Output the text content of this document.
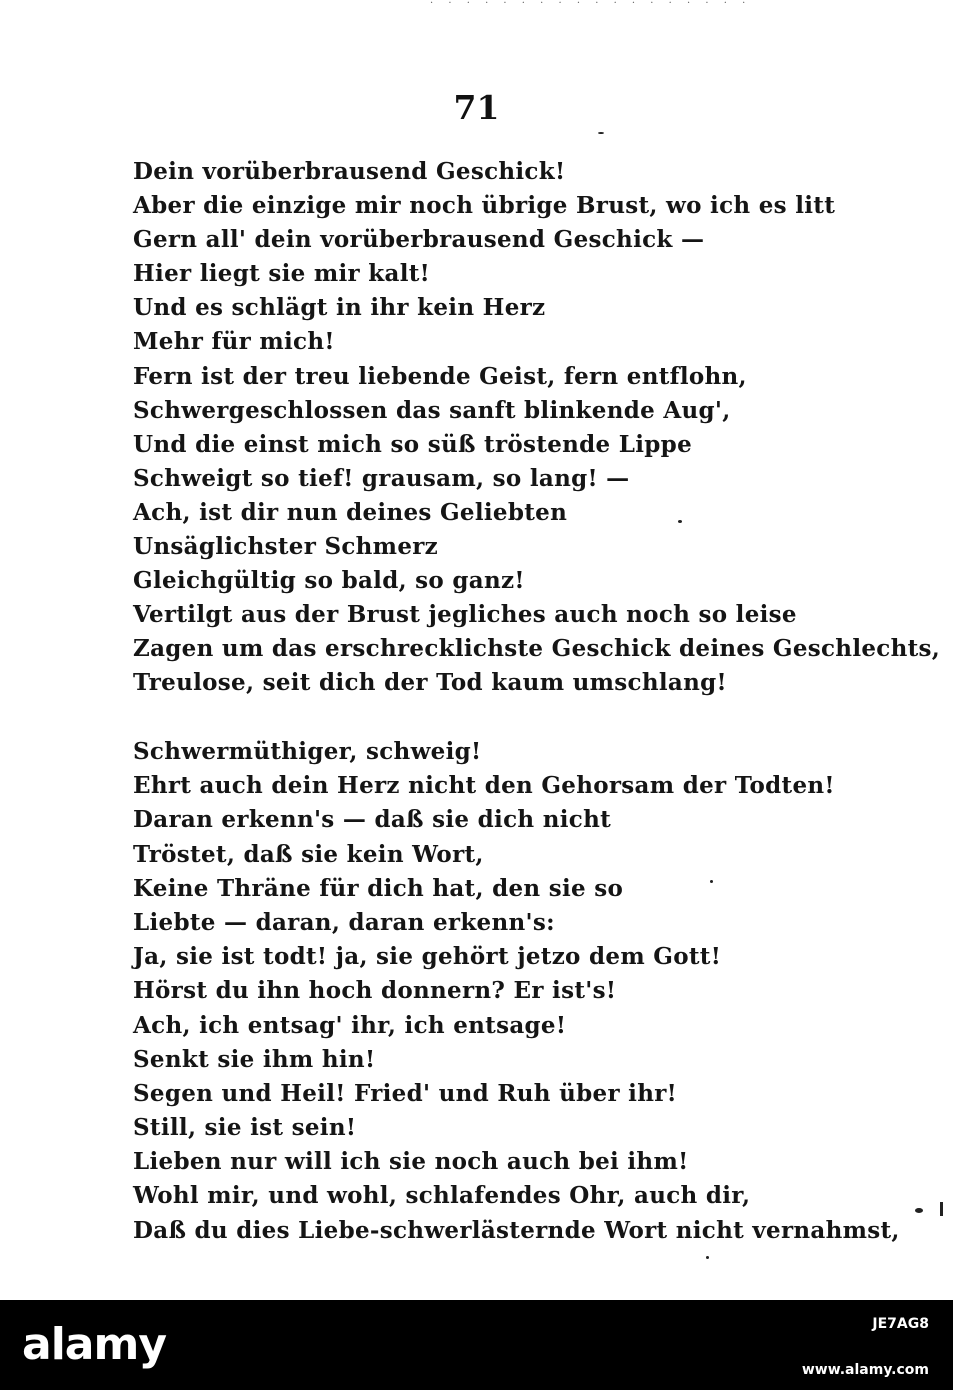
· · · · · · · · · · · · · · · · · ·
71
Dein vorüberbrausend Geschick!
Aber die einzige mir noch übrige Brust, wo ich es litt
Gern all' dein vorüberbrausend Geschick —
Hier liegt sie mir kalt!
Und es schlägt in ihr kein Herz
Mehr für mich!
Fern ist der treu liebende Geist, fern entflohn,
Schwergeschlossen das sanft blinkende Aug',
Und die einst mich so süß tröstende Lippe
Schweigt so tief! grausam, so lang! —
Ach, ist dir nun deines Geliebten
Unsäglichster Schmerz
Gleichgültig so bald, so ganz!
Vertilgt aus der Brust jegliches auch noch so leise
Zagen um das erschrecklichste Geschick deines Geschlechts,
Treulose, seit dich der Tod kaum umschlang!
Schwermüthiger, schweig!
Ehrt auch dein Herz nicht den Gehorsam der Todten!
Daran erkenn's — daß sie dich nicht
Tröstet, daß sie kein Wort,
Keine Thräne für dich hat, den sie so
Liebte — daran, daran erkenn's:
Ja, sie ist todt! ja, sie gehört jetzo dem Gott!
Hörst du ihn hoch donnern? Er ist's!
Ach, ich entsag' ihr, ich entsage!
Senkt sie ihm hin!
Segen und Heil! Fried' und Ruh über ihr!
Still, sie ist sein!
Lieben nur will ich sie noch auch bei ihm!
Wohl mir, und wohl, schlafendes Ohr, auch dir,
Daß du dies Liebe-schwerlästernde Wort nicht vernahmst,
alamy	JE7AG8
www.alamy.com
